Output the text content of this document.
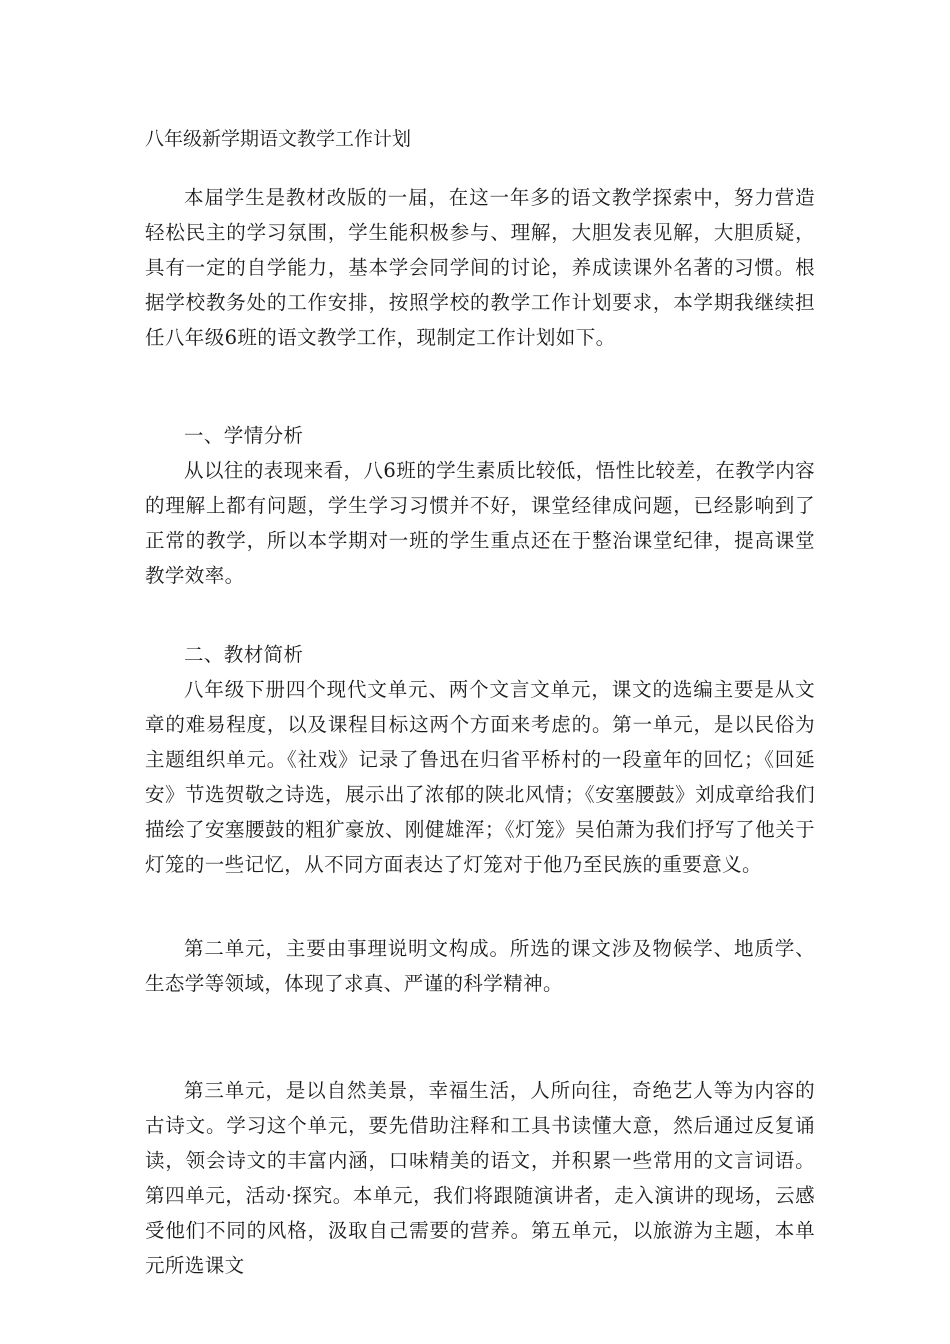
八年级新学期语文教学工作计划

本届学生是教材改版的一届，在这一年多的语文教学探索中，努力营造轻松民主的学习氛围，学生能积极参与、理解，大胆发表见解，大胆质疑，具有一定的自学能力，基本学会同学间的讨论，养成读课外名著的习惯。根据学校教务处的工作安排，按照学校的教学工作计划要求，本学期我继续担任八年级6班的语文教学工作，现制定工作计划如下。

一、学情分析

从以往的表现来看，八6班的学生素质比较低，悟性比较差，在教学内容的理解上都有问题，学生学习习惯并不好，课堂经律成问题，已经影响到了正常的教学，所以本学期对一班的学生重点还在于整治课堂纪律，提高课堂教学效率。

二、教材简析

八年级下册四个现代文单元、两个文言文单元，课文的选编主要是从文章的难易程度，以及课程目标这两个方面来考虑的。第一单元，是以民俗为主题组织单元。《社戏》记录了鲁迅在归省平桥村的一段童年的回忆；《回延安》节选贺敬之诗选，展示出了浓郁的陕北风情；《安塞腰鼓》刘成章给我们描绘了安塞腰鼓的粗犷豪放、刚健雄浑；《灯笼》吴伯萧为我们抒写了他关于灯笼的一些记忆，从不同方面表达了灯笼对于他乃至民族的重要意义。

第二单元，主要由事理说明文构成。所选的课文涉及物候学、地质学、生态学等领域，体现了求真、严谨的科学精神。

第三单元，是以自然美景，幸福生活，人所向往，奇绝艺人等为内容的古诗文。学习这个单元，要先借助注释和工具书读懂大意，然后通过反复诵读，领会诗文的丰富内涵，口味精美的语文，并积累一些常用的文言词语。第四单元，活动·探究。本单元，我们将跟随演讲者，走入演讲的现场，云感受他们不同的风格，汲取自己需要的营养。第五单元，以旅游为主题，本单元所选课文
